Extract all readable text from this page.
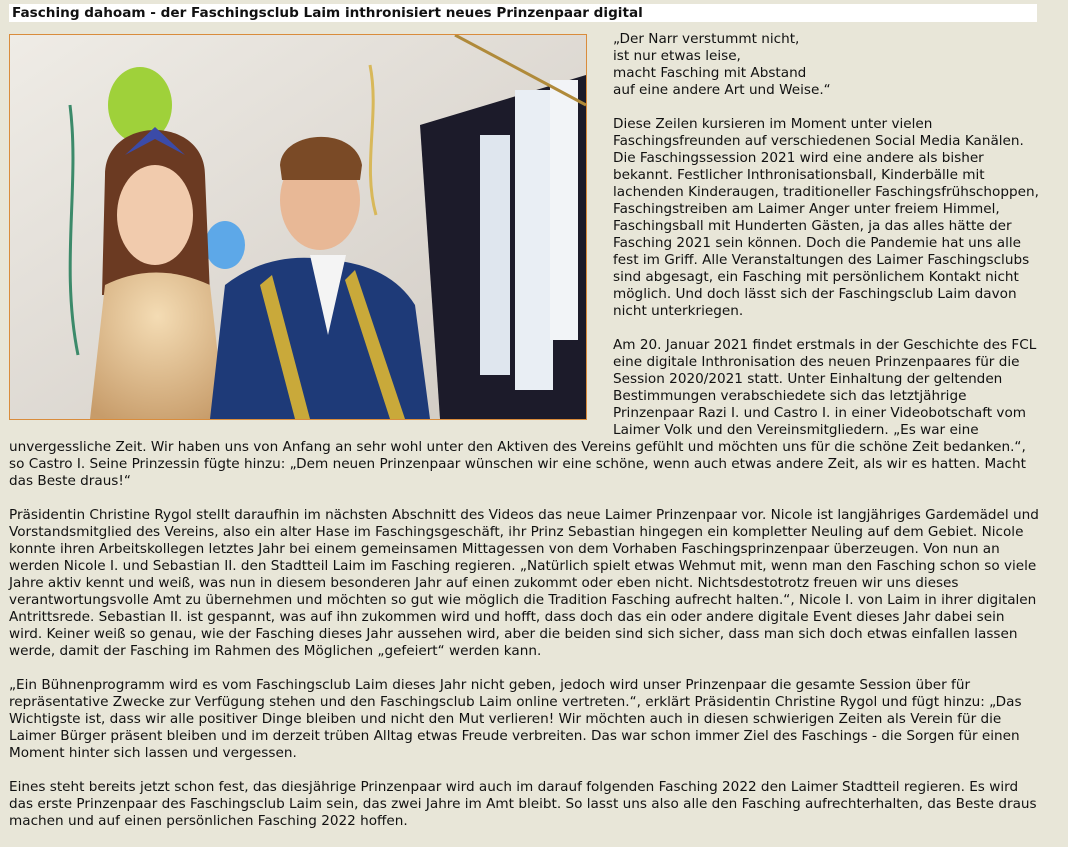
Fasching dahoam - der Faschingsclub Laim inthronisiert neues Prinzenpaar digital

„Der Narr verstummt nicht,
ist nur etwas leise,
macht Fasching mit Abstand
auf eine andere Art und Weise.“

Diese Zeilen kursieren im Moment unter vielen Faschingsfreunden auf verschiedenen Social Media Kanälen. Die Faschingssession 2021 wird eine andere als bisher bekannt. Festlicher Inthronisationsball, Kinderbälle mit lachenden Kinderaugen, traditioneller Faschingsfrühschoppen, Faschingstreiben am Laimer Anger unter freiem Himmel, Faschingsball mit Hunderten Gästen, ja das alles hätte der Fasching 2021 sein können. Doch die Pandemie hat uns alle fest im Griff. Alle Veranstaltungen des Laimer Faschingsclubs sind abgesagt, ein Fasching mit persönlichem Kontakt nicht möglich. Und doch lässt sich der Faschingsclub Laim davon nicht unterkriegen.

Am 20. Januar 2021 findet erstmals in der Geschichte des FCL eine digitale Inthronisation des neuen Prinzenpaares für die Session 2020/2021 statt. Unter Einhaltung der geltenden Bestimmungen verabschiedete sich das letztjährige Prinzenpaar Razi I. und Castro I. in einer Videobotschaft vom Laimer Volk und den Vereinsmitgliedern. „Es war eine unvergessliche Zeit. Wir haben uns von Anfang an sehr wohl unter den Aktiven des Vereins gefühlt und möchten uns für die schöne Zeit bedanken.“, so Castro I. Seine Prinzessin fügte hinzu: „Dem neuen Prinzenpaar wünschen wir eine schöne, wenn auch etwas andere Zeit, als wir es hatten. Macht das Beste draus!“

Präsidentin Christine Rygol stellt daraufhin im nächsten Abschnitt des Videos das neue Laimer Prinzenpaar vor. Nicole ist langjähriges Gardemädel und Vorstandsmitglied des Vereins, also ein alter Hase im Faschingsgeschäft, ihr Prinz Sebastian hingegen ein kompletter Neuling auf dem Gebiet. Nicole konnte ihren Arbeitskollegen letztes Jahr bei einem gemeinsamen Mittagessen von dem Vorhaben Faschingsprinzenpaar überzeugen. Von nun an werden Nicole I. und Sebastian II. den Stadtteil Laim im Fasching regieren. „Natürlich spielt etwas Wehmut mit, wenn man den Fasching schon so viele Jahre aktiv kennt und weiß, was nun in diesem besonderen Jahr auf einen zukommt oder eben nicht. Nichtsdestotrotz freuen wir uns dieses verantwortungsvolle Amt zu übernehmen und möchten so gut wie möglich die Tradition Fasching aufrecht halten.“, Nicole I. von Laim in ihrer digitalen Antrittsrede. Sebastian II. ist gespannt, was auf ihn zukommen wird und hofft, dass doch das ein oder andere digitale Event dieses Jahr dabei sein wird. Keiner weiß so genau, wie der Fasching dieses Jahr aussehen wird, aber die beiden sind sich sicher, dass man sich doch etwas einfallen lassen werde, damit der Fasching im Rahmen des Möglichen „gefeiert“ werden kann.

„Ein Bühnenprogramm wird es vom Faschingsclub Laim dieses Jahr nicht geben, jedoch wird unser Prinzenpaar die gesamte Session über für repräsentative Zwecke zur Verfügung stehen und den Faschingsclub Laim online vertreten.“, erklärt Präsidentin Christine Rygol und fügt hinzu: „Das Wichtigste ist, dass wir alle positiver Dinge bleiben und nicht den Mut verlieren! Wir möchten auch in diesen schwierigen Zeiten als Verein für die Laimer Bürger präsent bleiben und im derzeit trüben Alltag etwas Freude verbreiten. Das war schon immer Ziel des Faschings - die Sorgen für einen Moment hinter sich lassen und vergessen.

Eines steht bereits jetzt schon fest, das diesjährige Prinzenpaar wird auch im darauf folgenden Fasching 2022 den Laimer Stadtteil regieren. Es wird das erste Prinzenpaar des Faschingsclub Laim sein, das zwei Jahre im Amt bleibt. So lasst uns also alle den Fasching aufrechterhalten, das Beste draus machen und auf einen persönlichen Fasching 2022 hoffen.
